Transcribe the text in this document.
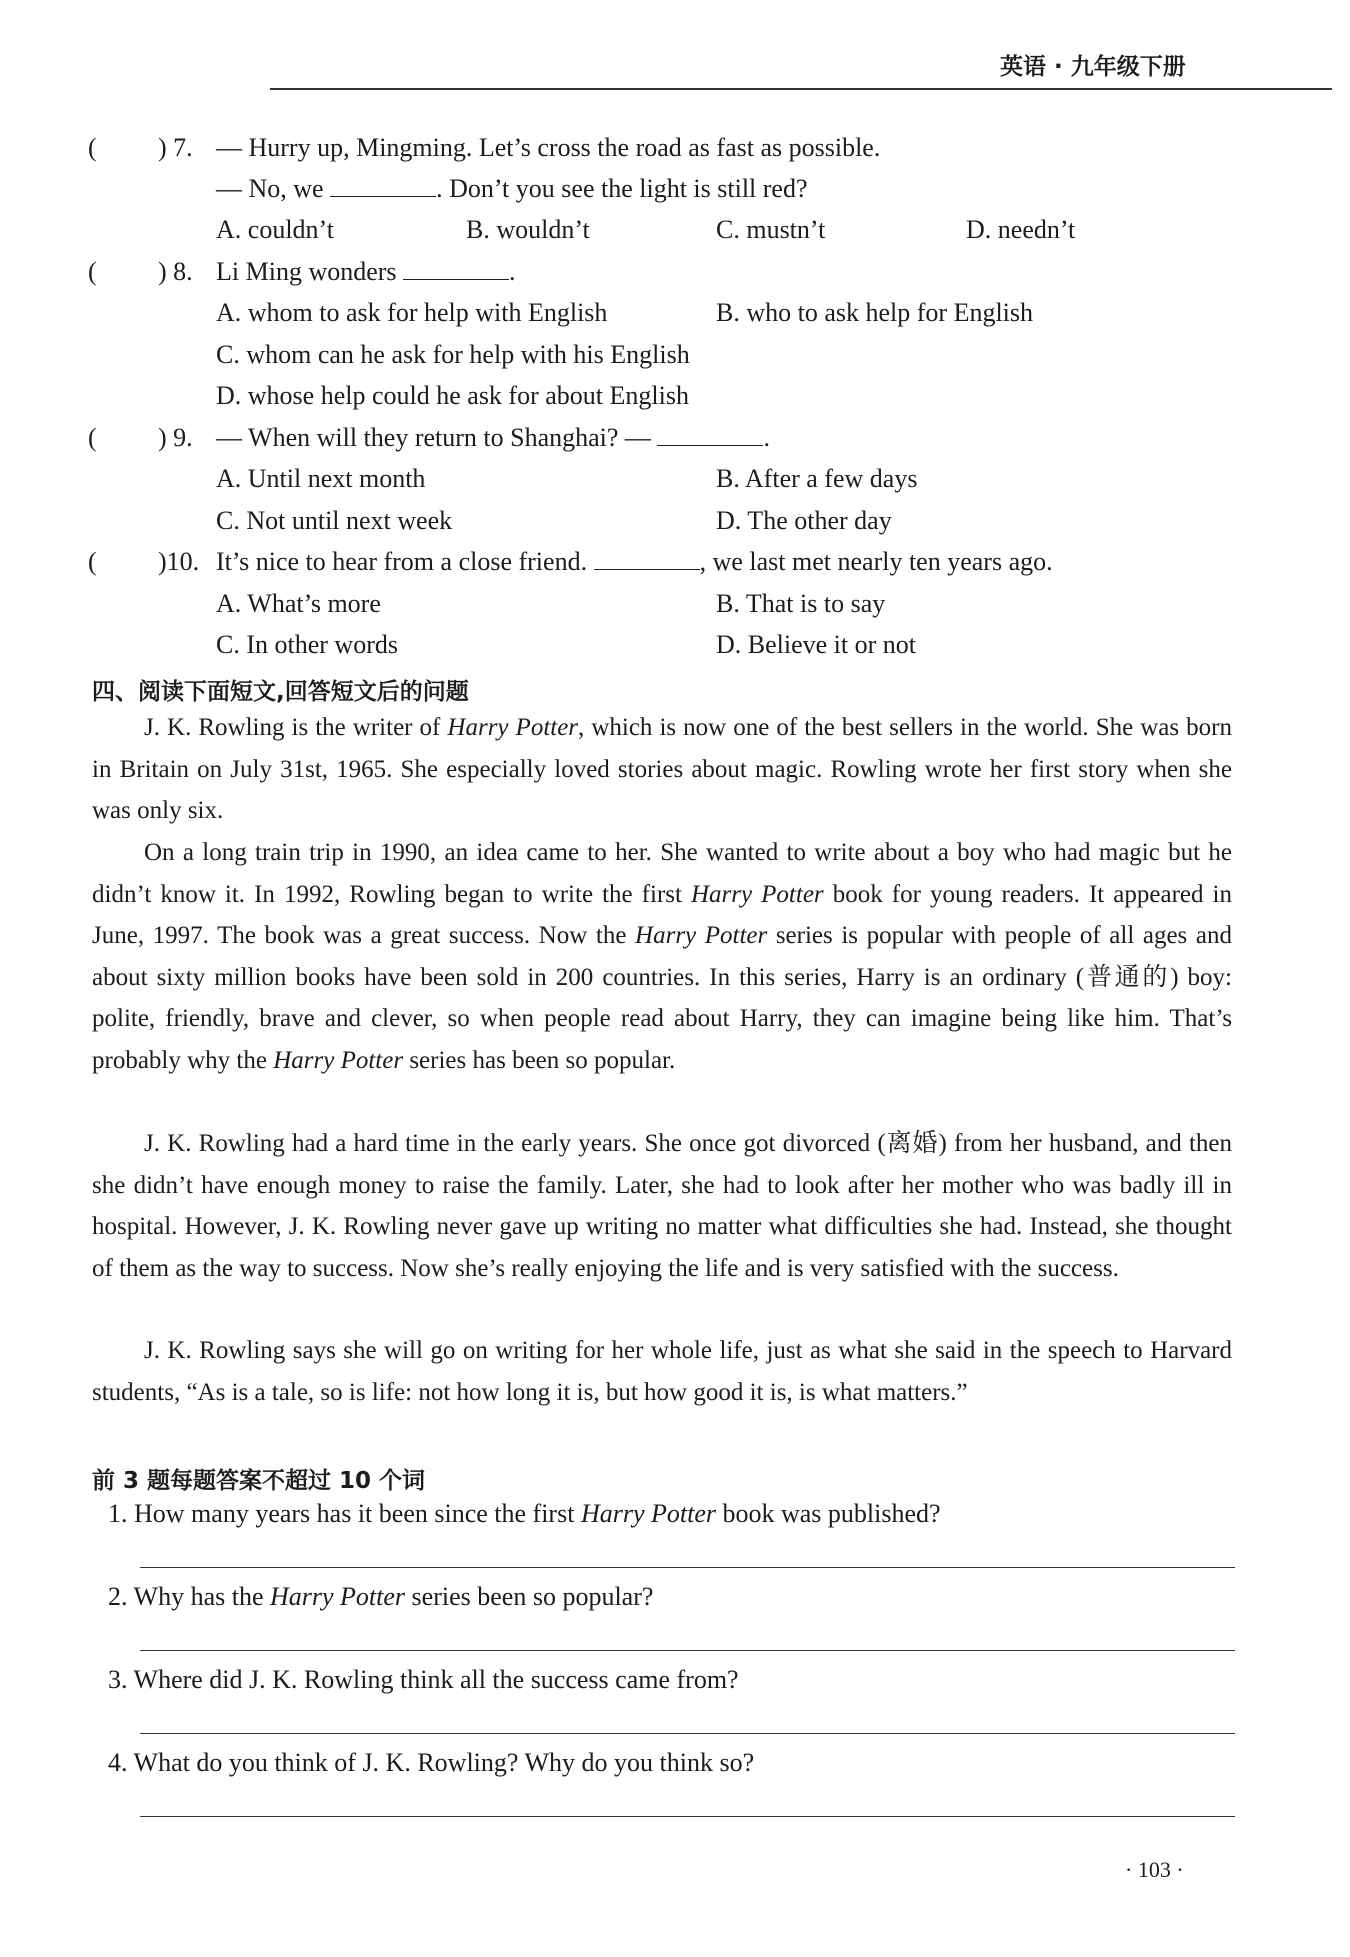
英语 · 九年级下册
( ) 7. — Hurry up, Mingming. Let’s cross the road as fast as possible.
— No, we	. Don’t you see the light is still red?
A. couldn’t	B. wouldn’t	C. mustn’t	D. needn’t
( ) 8. Li Ming wonders	.
A. whom to ask for help with English	B. who to ask help for English
C. whom can he ask for help with his English
D. whose help could he ask for about English
( ) 9. — When will they return to Shanghai? —	.
A. Until next month	B. After a few days
C. Not until next week	D. The other day
( )10. It’s nice to hear from a close friend.	, we last met nearly ten years ago.
A. What’s more	B. That is to say
C. In other words	D. Believe it or not
四、阅读下面短文,回答短文后的问题
J. K. Rowling is the writer of Harry Potter, which is now one of the best sellers in the world. She was born in Britain on July 31st, 1965. She especially loved stories about magic. Rowling wrote her first story when she was only six.
On a long train trip in 1990, an idea came to her. She wanted to write about a boy who had magic but he didn’t know it. In 1992, Rowling began to write the first Harry Potter book for young readers. It appeared in June, 1997. The book was a great success. Now the Harry Potter series is popular with people of all ages and about sixty million books have been sold in 200 countries. In this series, Harry is an ordinary (普通的) boy: polite, friendly, brave and clever, so when people read about Harry, they can imagine being like him. That’s probably why the Harry Potter series has been so popular.
J. K. Rowling had a hard time in the early years. She once got divorced (离婚) from her husband, and then she didn’t have enough money to raise the family. Later, she had to look after her mother who was badly ill in hospital. However, J. K. Rowling never gave up writing no matter what difficulties she had. Instead, she thought of them as the way to success. Now she’s really enjoying the life and is very satisfied with the success.
J. K. Rowling says she will go on writing for her whole life, just as what she said in the speech to Harvard students, “As is a tale, so is life: not how long it is, but how good it is, is what matters.”
前 3 题每题答案不超过 10 个词
1. How many years has it been since the first Harry Potter book was published?
2. Why has the Harry Potter series been so popular?
3. Where did J. K. Rowling think all the success came from?
4. What do you think of J. K. Rowling? Why do you think so?
· 103 ·
